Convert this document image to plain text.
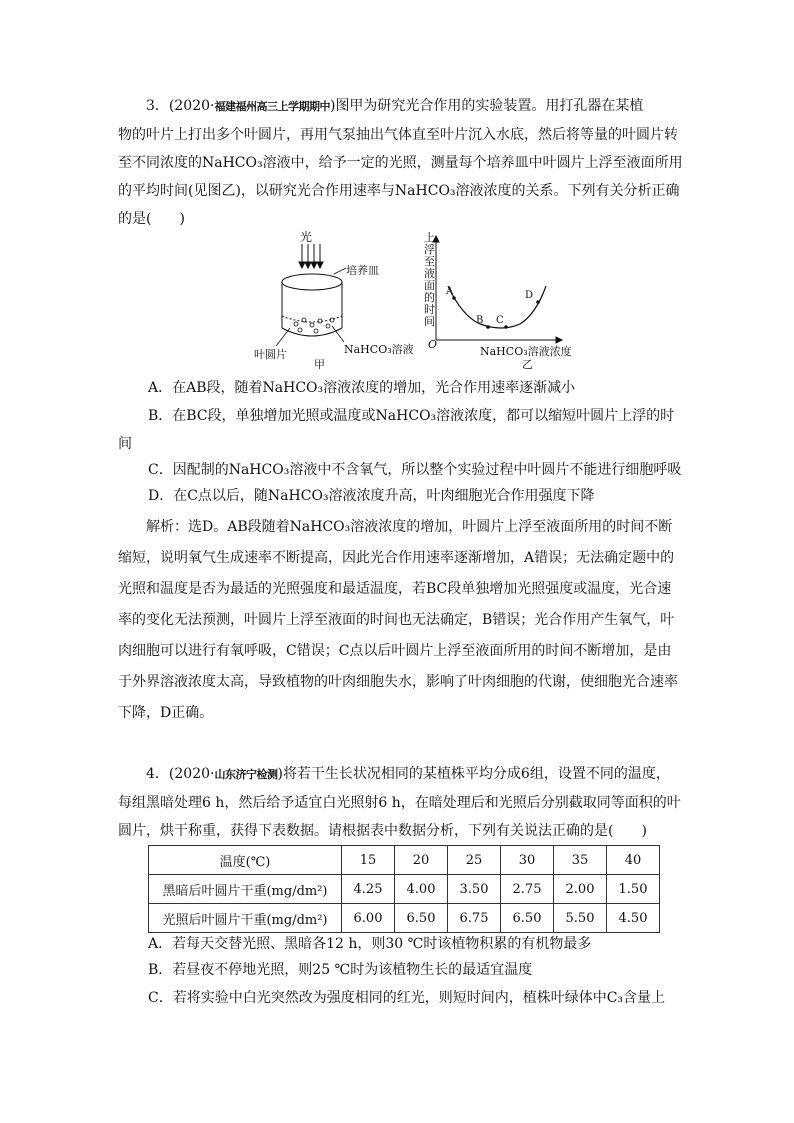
3．(2020·福建福州高三上学期期中)图甲为研究光合作用的实验装置。用打孔器在某植
物的叶片上打出多个叶圆片，再用气泵抽出气体直至叶片沉入水底，然后将等量的叶圆片转
至不同浓度的NaHCO₃溶液中，给予一定的光照，测量每个培养皿中叶圆片上浮至液面所用
的平均时间(见图乙)，以研究光合作用速率与NaHCO₃溶液浓度的关系。下列有关分析正确
的是(　　)
光
培养皿
NaHCO₃溶液
叶圆片
甲
上浮至液面的时间
O
NaHCO₃溶液浓度
乙
A
B C
D
A．在AB段，随着NaHCO₃溶液浓度的增加，光合作用速率逐渐减小
B．在BC段，单独增加光照或温度或NaHCO₃溶液浓度，都可以缩短叶圆片上浮的时
间
C．因配制的NaHCO₃溶液中不含氧气，所以整个实验过程中叶圆片不能进行细胞呼吸
D．在C点以后，随NaHCO₃溶液浓度升高，叶肉细胞光合作用强度下降
解析：选D。AB段随着NaHCO₃溶液浓度的增加，叶圆片上浮至液面所用的时间不断
缩短，说明氧气生成速率不断提高，因此光合作用速率逐渐增加，A错误；无法确定题中的
光照和温度是否为最适的光照强度和最适温度，若BC段单独增加光照强度或温度，光合速
率的变化无法预测，叶圆片上浮至液面的时间也无法确定，B错误；光合作用产生氧气，叶
肉细胞可以进行有氧呼吸，C错误；C点以后叶圆片上浮至液面所用的时间不断增加，是由
于外界溶液浓度太高，导致植物的叶肉细胞失水，影响了叶肉细胞的代谢，使细胞光合速率
下降，D正确。
4．(2020·山东济宁检测)将若干生长状况相同的某植株平均分成6组，设置不同的温度，
每组黑暗处理6 h，然后给予适宜白光照射6 h，在暗处理后和光照后分别截取同等面积的叶
圆片，烘干称重，获得下表数据。请根据表中数据分析，下列有关说法正确的是(　　)
温度(℃)	15	20	25	30	35	40
黑暗后叶圆片干重(mg/dm²)	4.25	4.00	3.50	2.75	2.00	1.50
光照后叶圆片干重(mg/dm²)	6.00	6.50	6.75	6.50	5.50	4.50
A．若每天交替光照、黑暗各12 h，则30 ℃时该植物积累的有机物最多
B．若昼夜不停地光照，则25 ℃时为该植物生长的最适宜温度
C．若将实验中白光突然改为强度相同的红光，则短时间内，植株叶绿体中C₃含量上
